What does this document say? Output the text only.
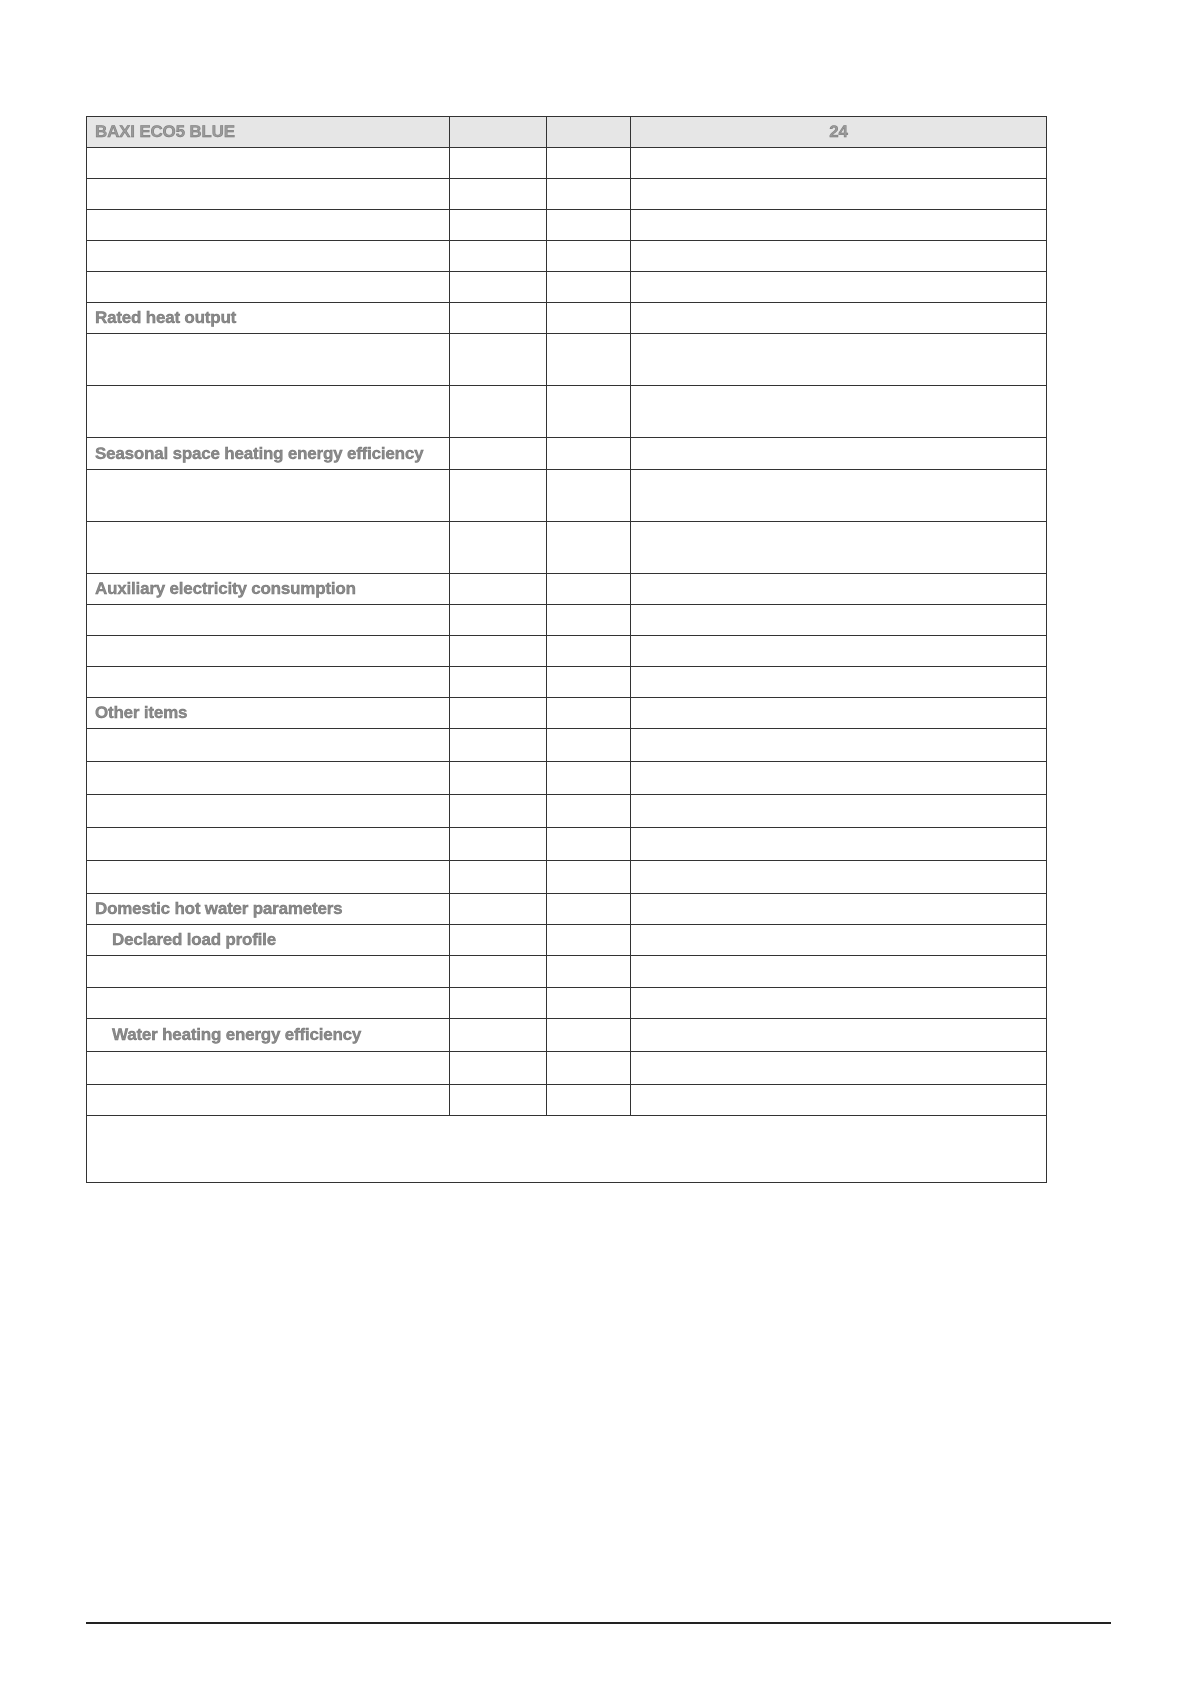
BAXI ECO5 BLUE			24

Rated heat output			

Seasonal space heating energy efficiency			

Auxiliary electricity consumption			

Other items			

Domestic hot water parameters			
Declared load profile			

Water heating energy efficiency			
